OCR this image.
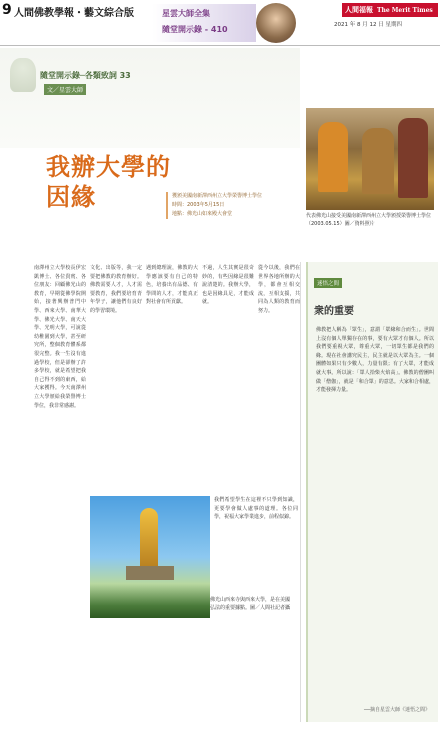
9 人間佛教學報・藝文綜合版	星雲大師全集
隨堂開示錄 - 410
人間福報 The Merit Times
2021 年 8 月 12 日 星期四
隨堂開示錄─各類致詞 33
文／星雲大師
我辦大學的
因緣	獲頒美國南新澤西州立大學榮譽博士學位
時間：2003年5月15日
地點：佛光山如來殿大會堂	代表佛光山接受美國南新澤西州立大學頒授榮譽博士學位（2003.05.15）圖／資料照片
南澤州立大學校長伊宏凱博士、各位貴賓、各位朋友：回顧佛光山的教育，早期從佛學院開始，接著興辦普門中學、西來大學、南華大學、佛光大學、南天大學、光明大學，可說從幼稚園到大學，甚至研究所，整個教育體系都很完整。我一生沒有進過學校，但是卻辦了許多學校，就是希望把我自己得不到的東西，給大家獲得。今天南澤州立大學頒給我榮譽博士學位，我非常感謝。
文化、出版等，我一定要把佛教的教育辦好。佛教需要人才，人才需要教育，我們要培育青年學子，讓他們有良好的學習環境。
遇到總理說，佛教的大學應該要有自己的特色，培養出有品德、有學問的人才，才能真正對社會有所貢獻。
不過，人生其實是很奇妙的，有些因緣是很難說清楚的。我辦大學，也是因緣具足，才能成就。
從今以後，我們在世界各地所辦的大學，都會互相交流，互相支援，共同為人類的教育而努力。
我們希望學生在這裡不只學到知識，更要學會做人處事的道理。各位同學，祝福大家學業進步，前程似錦。
佛光山西來寺與西來大學，是在美國弘法的重要據點。圖／人間社記者攝
迷悟之間
衆的重要
佛教把人稱為「眾生」，意謂「眾緣和合而生」。世間上沒有個人單獨存在的事，要有大眾才有個人。所以我們要重視大眾，尊重大眾，一切眾生都是我們的緣。現在社會講究民主，民主就是以大眾為主。一個團體如果只有少數人，力量有限；有了大眾，才能成就大事。所以說：「眾人拾柴火焰高」。佛教的僧團叫做「僧伽」，就是「和合眾」的意思。大家和合相處，才能發揮力量。
──摘自星雲大師《迷悟之間》
